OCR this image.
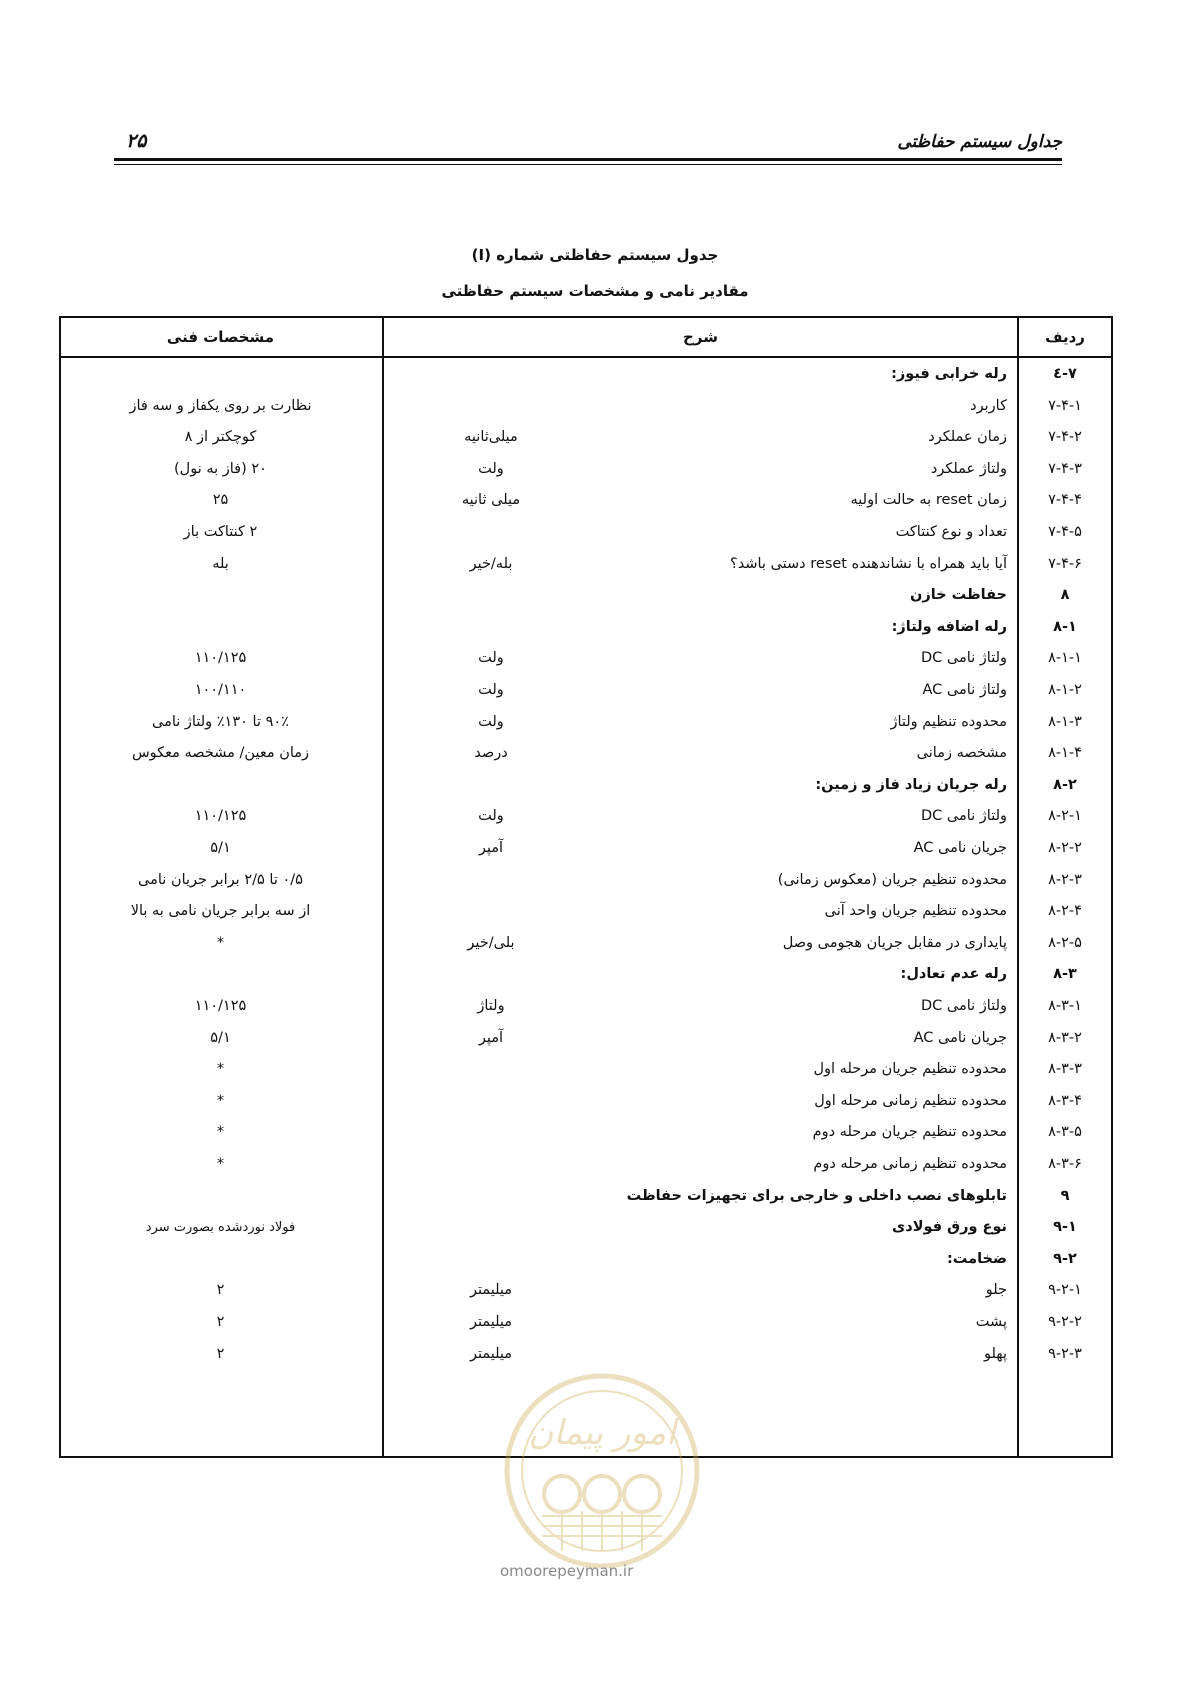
جداول سیستم حفاظتی
۲۵
جدول سیستم حفاظتی شماره (I)
مقادیر نامی و مشخصات سیستم حفاظتی
ردیف
شرح
مشخصات فنی
۷-٤
رله خرابی فیوز:
۷-۴-۱
کاربرد
نظارت بر روی یکفاز و سه فاز
۷-۴-۲
زمان عملکرد
میلی‌ثانیه
کوچکتر از ۸
۷-۴-۳
ولتاژ عملکرد
ولت
۲۰ (فاز به نول)
۷-۴-۴
زمان reset به حالت اولیه
میلی ثانیه
۲۵
۷-۴-۵
تعداد و نوع کنتاکت
۲ کنتاکت باز
۷-۴-۶
آیا باید همراه با نشاندهنده reset دستی باشد؟
بله/خیر
بله
۸
حفاظت خازن
۸-۱
رله اضافه ولتاژ:
۸-۱-۱
ولتاژ نامی DC
ولت
۱۱۰/۱۲۵
۸-۱-۲
ولتاژ نامی AC
ولت
۱۰۰/۱۱۰
۸-۱-۳
محدوده تنظیم ولتاژ
ولت
۹۰٪ تا ۱۳۰٪ ولتاژ نامی
۸-۱-۴
مشخصه زمانی
درصد
زمان معین/ مشخصه معکوس
۸-۲
رله جریان زیاد فاز و زمین:
۸-۲-۱
ولتاژ نامی DC
ولت
۱۱۰/۱۲۵
۸-۲-۲
جریان نامی AC
آمپر
۵/۱
۸-۲-۳
محدوده تنظیم جریان (معکوس زمانی)
۰/۵ تا ۲/۵ برابر جریان نامی
۸-۲-۴
محدوده تنظیم جریان واحد آنی
از سه برابر جریان نامی به بالا
۸-۲-۵
پایداری در مقابل جریان هجومی وصل
بلی/خیر
*
۸-۳
رله عدم تعادل:
۸-۳-۱
ولتاژ نامی DC
ولتاژ
۱۱۰/۱۲۵
۸-۳-۲
جریان نامی AC
آمپر
۵/۱
۸-۳-۳
محدوده تنظیم جریان مرحله اول
*
۸-۳-۴
محدوده تنظیم زمانی مرحله اول
*
۸-۳-۵
محدوده تنظیم جریان مرحله دوم
*
۸-۳-۶
محدوده تنظیم زمانی مرحله دوم
*
۹
تابلوهای نصب داخلی و خارجی برای تجهیزات حفاظت
۹-۱
نوع ورق فولادی
فولاد نوردشده بصورت سرد
۹-۲
ضخامت:
۹-۲-۱
جلو
میلیمتر
۲
۹-۲-۲
پشت
میلیمتر
۲
۹-۲-۳
پهلو
میلیمتر
۲
امور پیمان
omoorepeyman.ir
